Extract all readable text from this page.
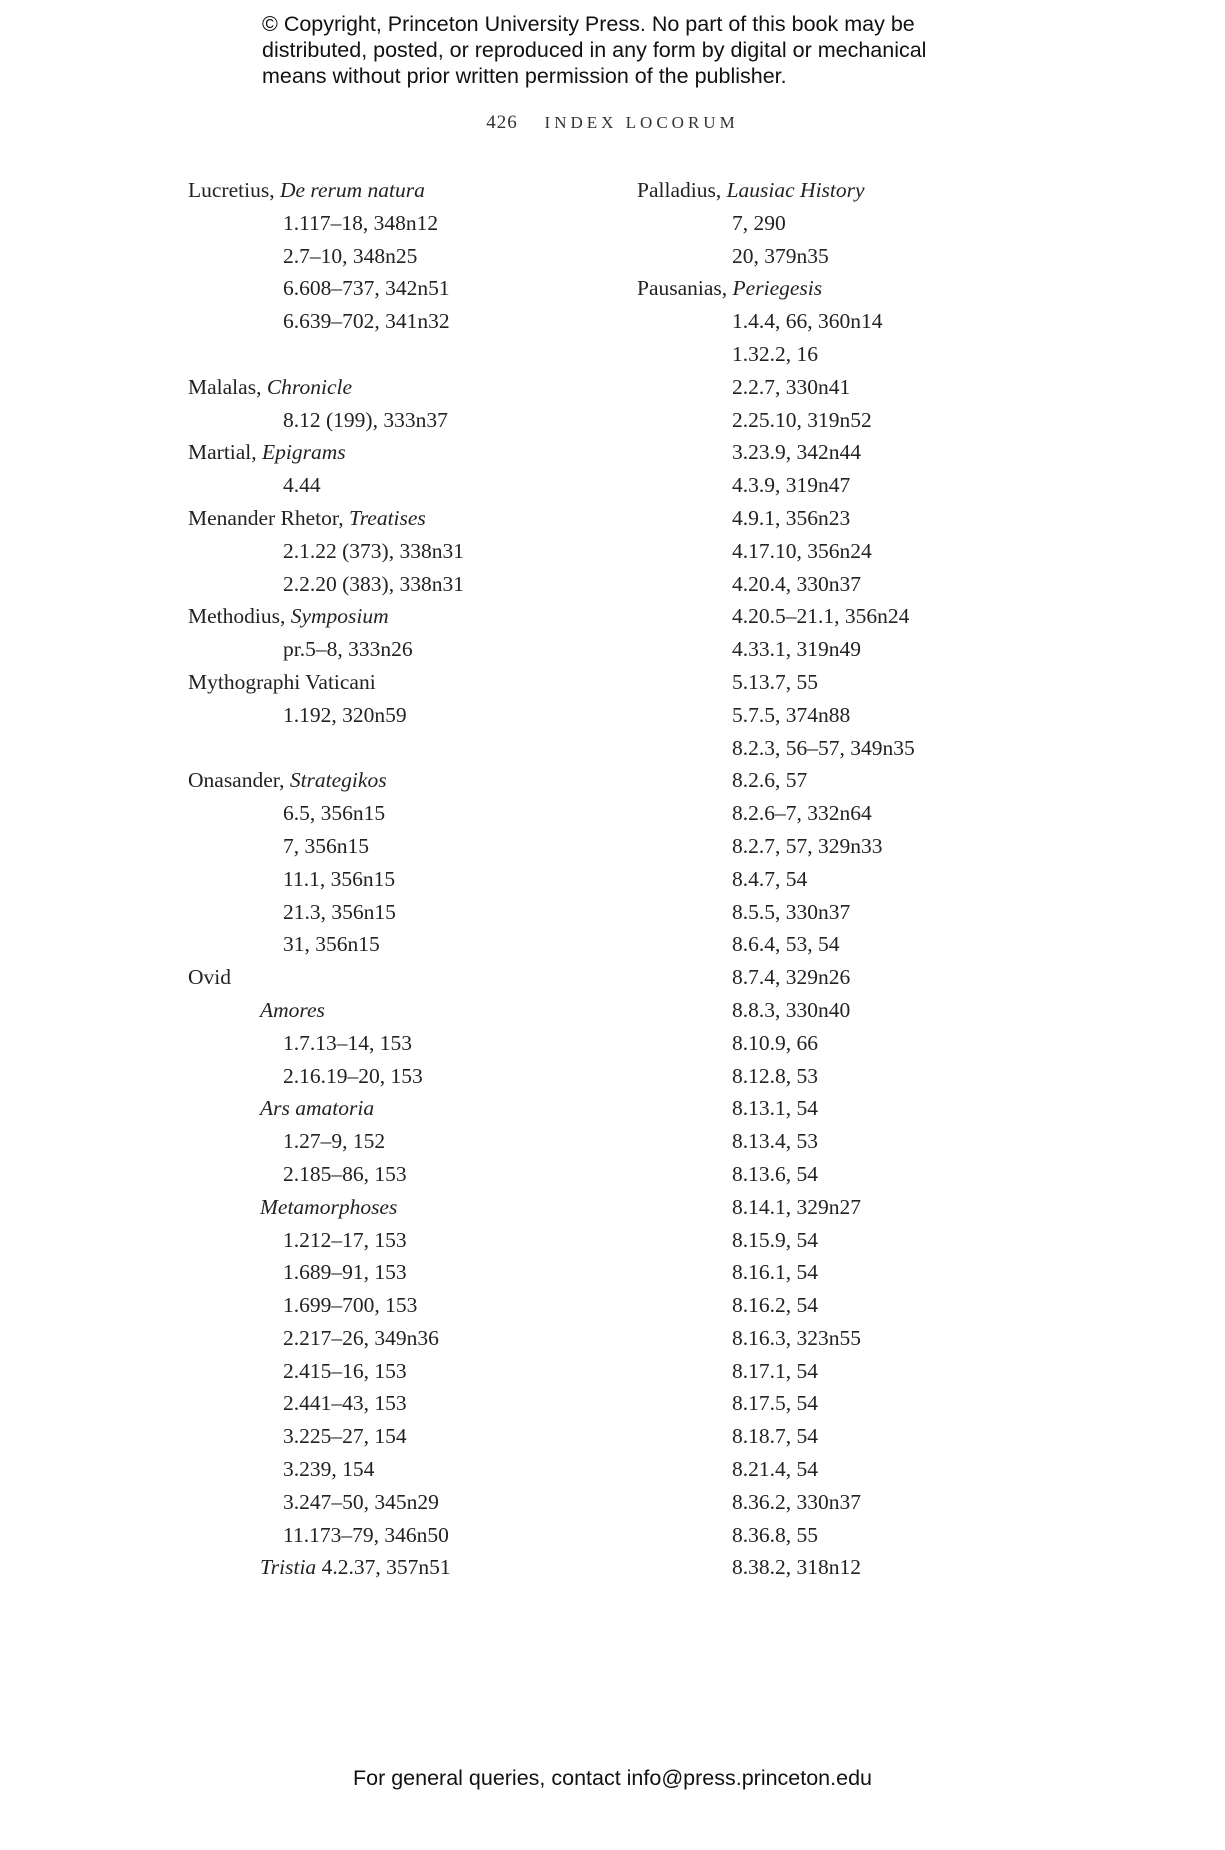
© Copyright, Princeton University Press. No part of this book may be
distributed, posted, or reproduced in any form by digital or mechanical
means without prior written permission of the publisher.
426 INDEX LOCORUM
Lucretius, De rerum natura
1.117–18, 348n12
2.7–10, 348n25
6.608–737, 342n51
6.639–702, 341n32
Malalas, Chronicle
8.12 (199), 333n37
Martial, Epigrams
4.44
Menander Rhetor, Treatises
2.1.22 (373), 338n31
2.2.20 (383), 338n31
Methodius, Symposium
pr.5–8, 333n26
Mythographi Vaticani
1.192, 320n59
Onasander, Strategikos
6.5, 356n15
7, 356n15
11.1, 356n15
21.3, 356n15
31, 356n15
Ovid
Amores
1.7.13–14, 153
2.16.19–20, 153
Ars amatoria
1.27–9, 152
2.185–86, 153
Metamorphoses
1.212–17, 153
1.689–91, 153
1.699–700, 153
2.217–26, 349n36
2.415–16, 153
2.441–43, 153
3.225–27, 154
3.239, 154
3.247–50, 345n29
11.173–79, 346n50
Tristia 4.2.37, 357n51
Palladius, Lausiac History
7, 290
20, 379n35
Pausanias, Periegesis
1.4.4, 66, 360n14
1.32.2, 16
2.2.7, 330n41
2.25.10, 319n52
3.23.9, 342n44
4.3.9, 319n47
4.9.1, 356n23
4.17.10, 356n24
4.20.4, 330n37
4.20.5–21.1, 356n24
4.33.1, 319n49
5.13.7, 55
5.7.5, 374n88
8.2.3, 56–57, 349n35
8.2.6, 57
8.2.6–7, 332n64
8.2.7, 57, 329n33
8.4.7, 54
8.5.5, 330n37
8.6.4, 53, 54
8.7.4, 329n26
8.8.3, 330n40
8.10.9, 66
8.12.8, 53
8.13.1, 54
8.13.4, 53
8.13.6, 54
8.14.1, 329n27
8.15.9, 54
8.16.1, 54
8.16.2, 54
8.16.3, 323n55
8.17.1, 54
8.17.5, 54
8.18.7, 54
8.21.4, 54
8.36.2, 330n37
8.36.8, 55
8.38.2, 318n12
For general queries, contact info@press.princeton.edu
